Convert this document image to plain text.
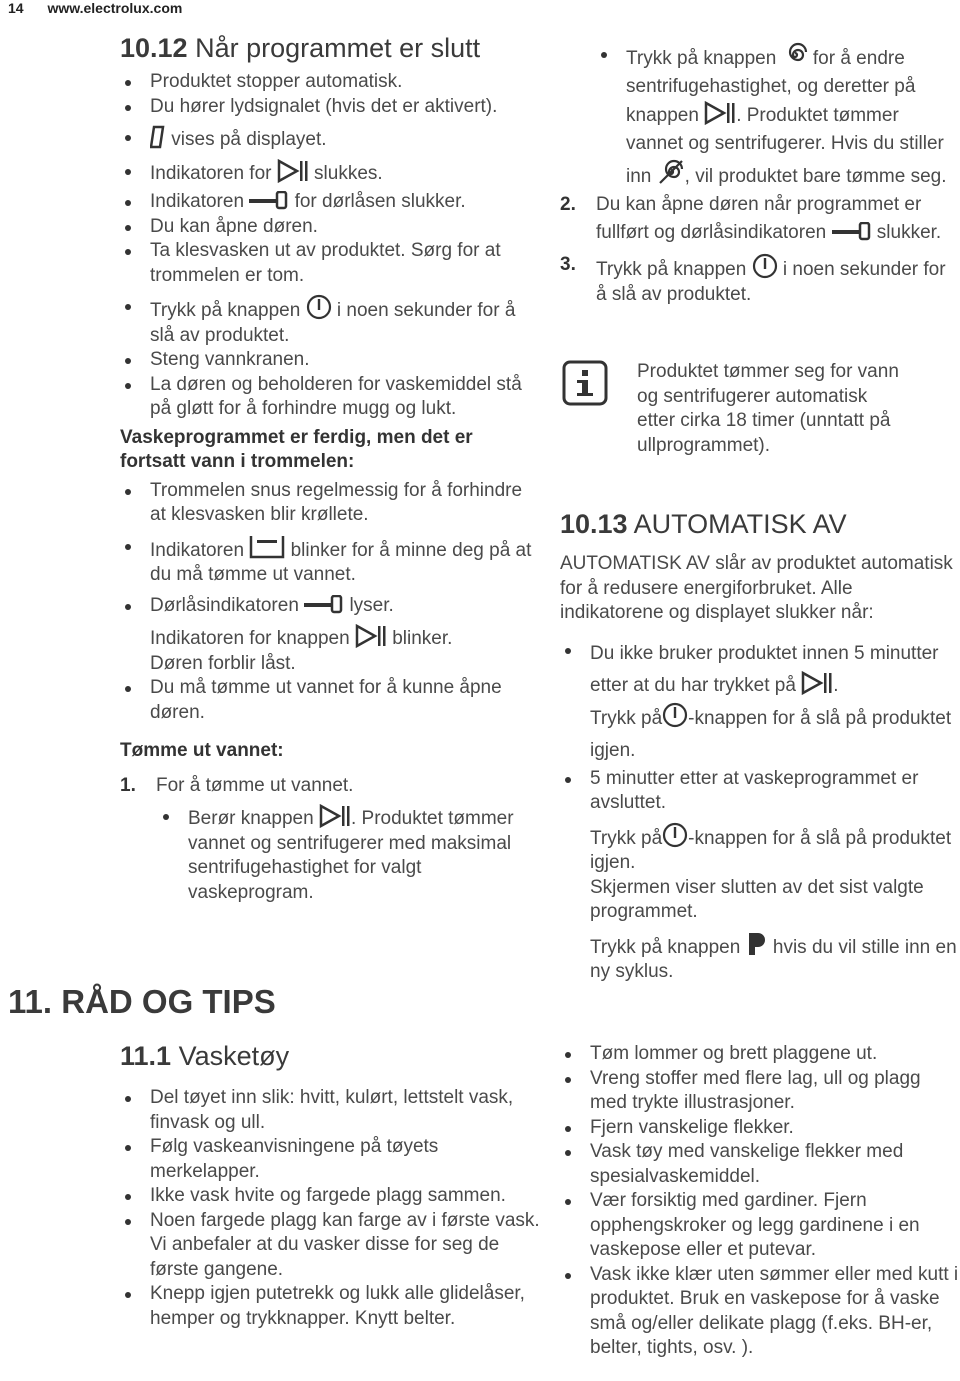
14 www.electrolux.com
10.12 Når programmet er slutt
Produktet stopper automatisk.
Du hører lydsignalet (hvis det er aktivert).
vises på displayet.
Indikatoren for  slukkes.
Indikatoren  for dørlåsen slukker.
Du kan åpne døren.
Ta klesvasken ut av produktet. Sørg for at trommelen er tom.
Trykk på knappen  i noen sekunder for å slå av produktet.
Steng vannkranen.
La døren og beholderen for vaskemiddel stå på gløtt for å forhindre mugg og lukt.
Vaskeprogrammet er ferdig, men det er fortsatt vann i trommelen:
Trommelen snus regelmessig for å forhindre at klesvasken blir krøllete.
Indikatoren  blinker for å minne deg på at du må tømme ut vannet.
Dørlåsindikatoren  lyser.
Indikatoren for knappen  blinker.
Døren forblir låst.
Du må tømme ut vannet for å kunne åpne døren.
Tømme ut vannet:
1. For å tømme ut vannet.
Berør knappen . Produktet tømmer vannet og sentrifugerer med maksimal sentrifugehastighet for valgt vaskeprogram.
Trykk på knappen  for å endre sentrifugehastighet, og deretter på knappen . Produktet tømmer vannet og sentrifugerer. Hvis du stiller inn , vil produktet bare tømme seg.
2.	Du kan åpne døren når programmet er fullført og dørlåsindikatoren  slukker.
3.	Trykk på knappen  i noen sekunder for å slå av produktet.
Produktet tømmer seg for vann og sentrifugerer automatisk etter cirka 18 timer (unntatt på ullprogrammet).
10.13 AUTOMATISK AV
AUTOMATISK AV slår av produktet automatisk for å redusere energiforbruket. Alle indikatorene og displayet slukker når:
Du ikke bruker produktet innen 5 minutter etter at du har trykket på .
Trykk på -knappen for å slå på produktet igjen.
5 minutter etter at vaskeprogrammet er avsluttet.
Trykk på -knappen for å slå på produktet igjen.
Skjermen viser slutten av det sist valgte programmet.
Trykk på knappen  hvis du vil stille inn en ny syklus.
11. RÅD OG TIPS
11.1 Vasketøy
Del tøyet inn slik: hvitt, kulørt, lettstelt vask, finvask og ull.
Følg vaskeanvisningene på tøyets merkelapper.
Ikke vask hvite og fargede plagg sammen.
Noen fargede plagg kan farge av i første vask. Vi anbefaler at du vasker disse for seg de første gangene.
Knepp igjen putetrekk og lukk alle glidelåser, hemper og trykknapper. Knytt belter.
Tøm lommer og brett plaggene ut.
Vreng stoffer med flere lag, ull og plagg med trykte illustrasjoner.
Fjern vanskelige flekker.
Vask tøy med vanskelige flekker med spesialvaskemiddel.
Vær forsiktig med gardiner. Fjern opphengskroker og legg gardinene i en vaskepose eller et putevar.
Vask ikke klær uten sømmer eller med kutt i produktet. Bruk en vaskepose for å vaske små og/eller delikate plagg (f.eks. BH-er, belter, tights, osv. ).
